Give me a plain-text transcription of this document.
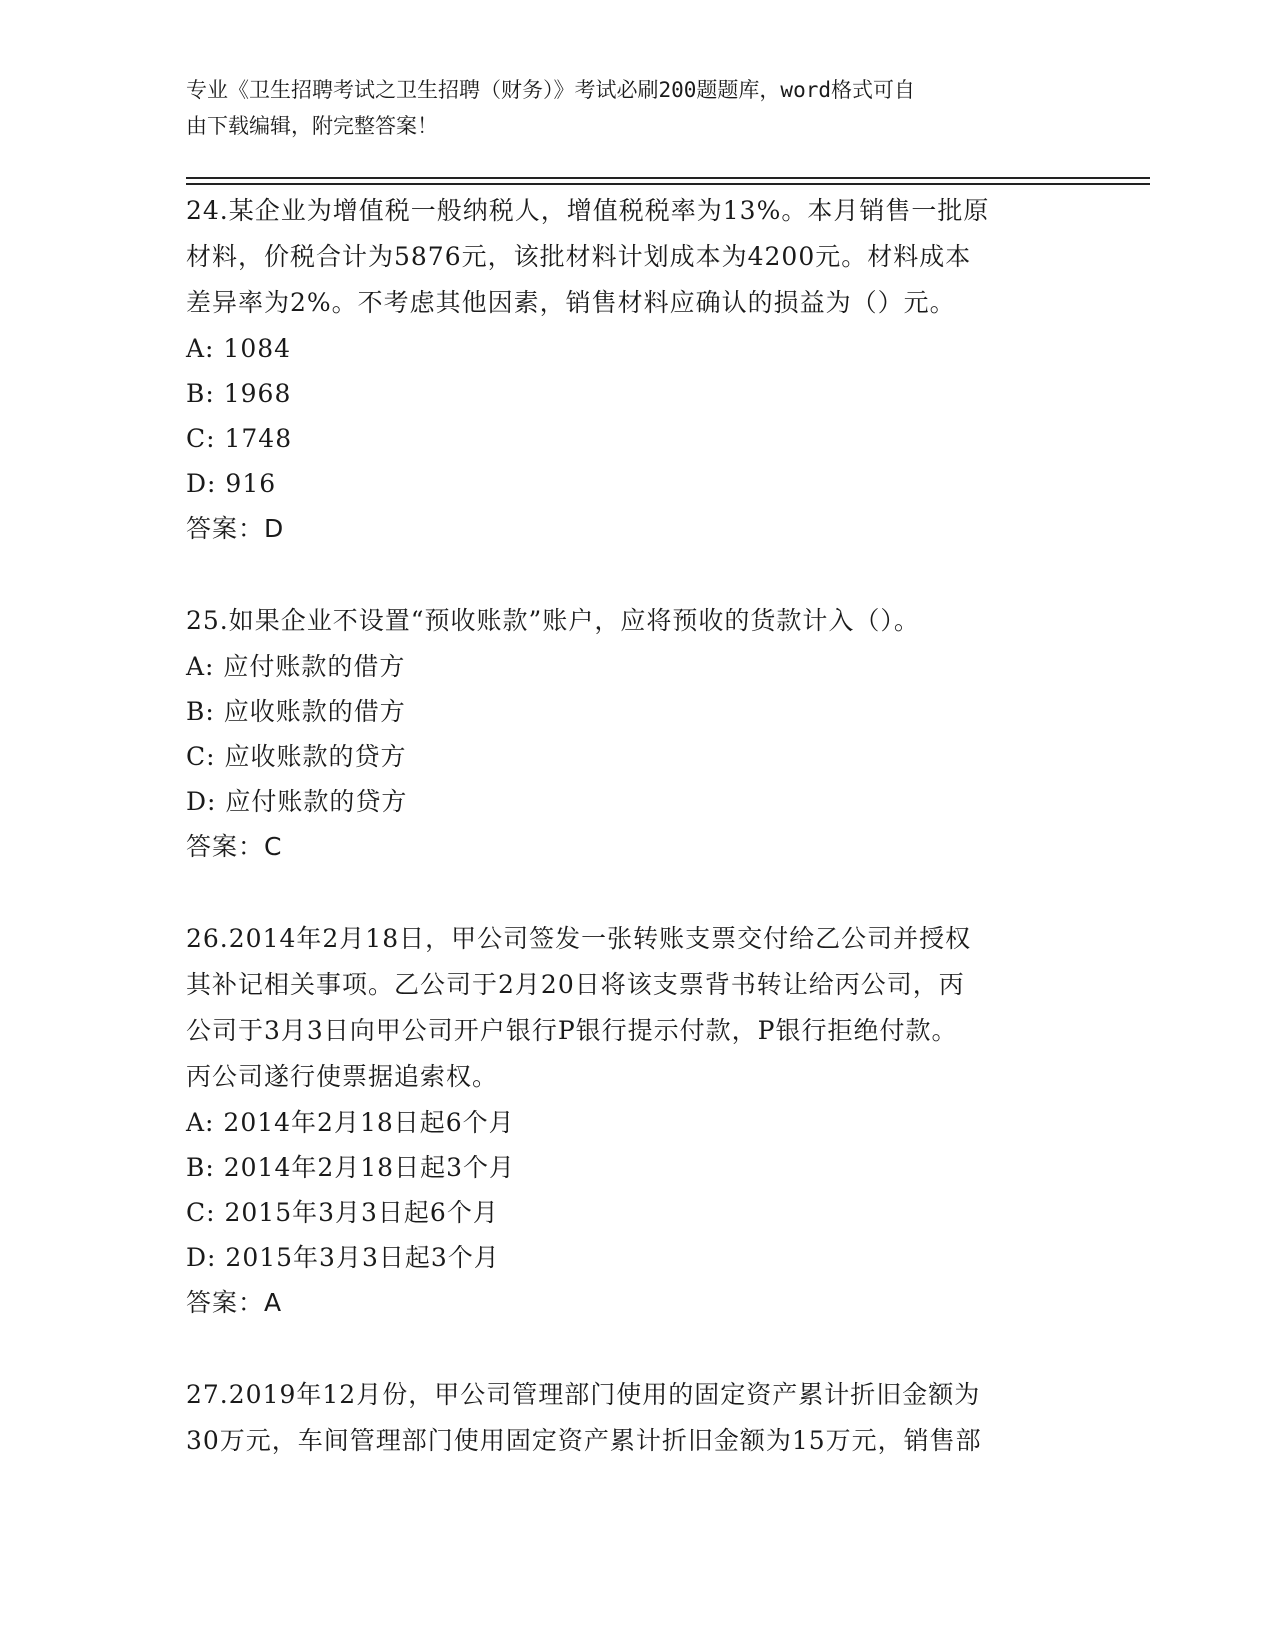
专业《卫生招聘考试之卫生招聘（财务）》考试必刷200题题库，word格式可自
由下载编辑，附完整答案！
24.某企业为增值税一般纳税人，增值税税率为13%。本月销售一批原
材料，价税合计为5876元，该批材料计划成本为4200元。材料成本
差异率为2%。不考虑其他因素，销售材料应确认的损益为（）元。
A: 1084
B: 1968
C: 1748
D: 916
答案：D
25.如果企业不设置“预收账款”账户，应将预收的货款计入（）。
A: 应付账款的借方
B: 应收账款的借方
C: 应收账款的贷方
D: 应付账款的贷方
答案：C
26.2014年2月18日，甲公司签发一张转账支票交付给乙公司并授权
其补记相关事项。乙公司于2月20日将该支票背书转让给丙公司，丙
公司于3月3日向甲公司开户银行P银行提示付款，P银行拒绝付款。
丙公司遂行使票据追索权。
A: 2014年2月18日起6个月
B: 2014年2月18日起3个月
C: 2015年3月3日起6个月
D: 2015年3月3日起3个月
答案：A
27.2019年12月份，甲公司管理部门使用的固定资产累计折旧金额为
30万元，车间管理部门使用固定资产累计折旧金额为15万元，销售部
